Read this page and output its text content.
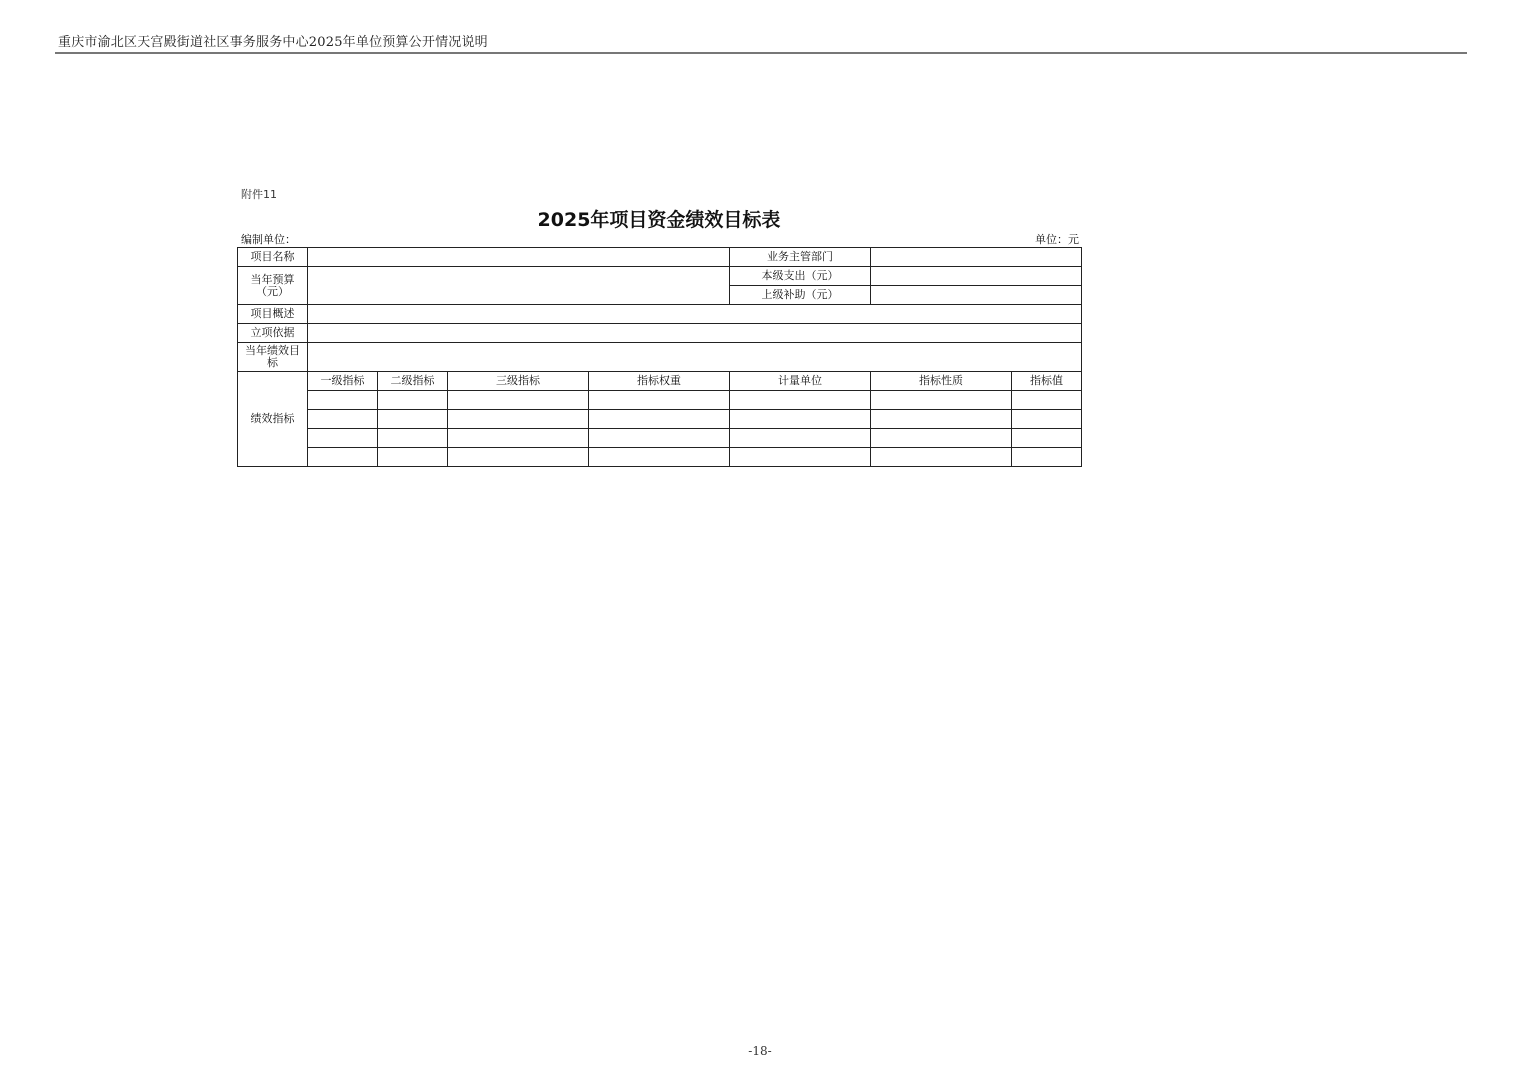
重庆市渝北区天宫殿街道社区事务服务中心2025年单位预算公开情况说明
附件11
2025年项目资金绩效目标表
编制单位：	单位：元
项目名称					业务主管部门		

当年预算
（元）					本级支出（元）		
					上级补助（元）		
项目概述							
立项依据							

当年绩效目
标							

绩效指标	一级指标	二级指标	三级指标	指标权重	计量单位	指标性质	指标值

-18-
